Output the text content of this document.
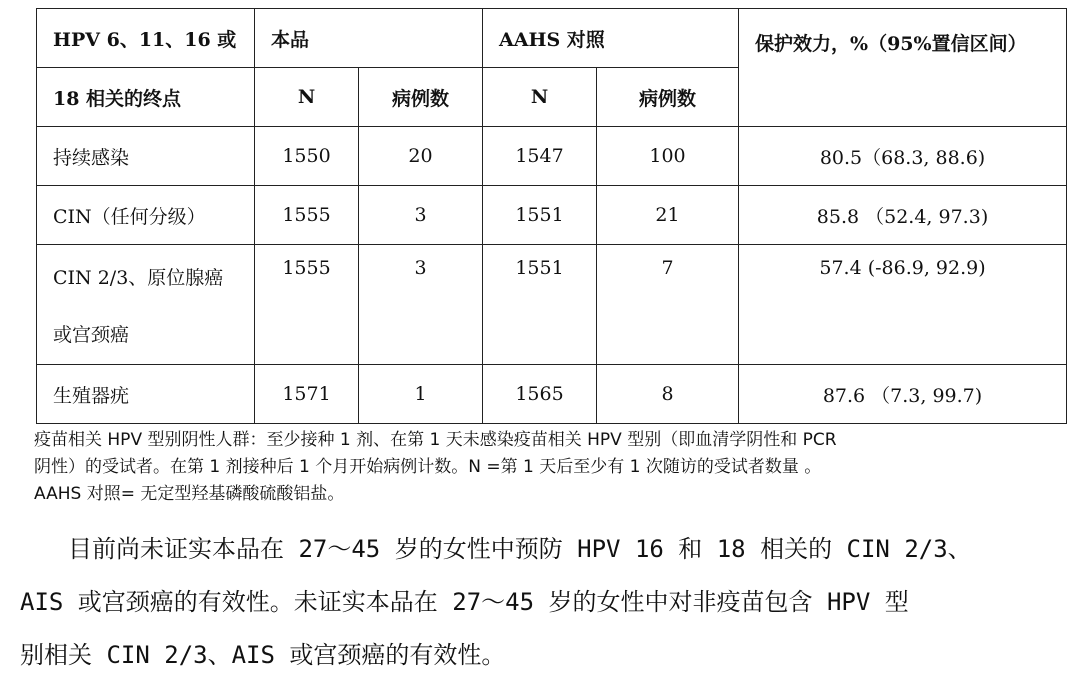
HPV 6、11、16 或	本品		AAHS 对照		保护效力，%（95%置信区间）
18 相关的终点	N	病例数	N	病例数	
持续感染	1550	20	1547	100	80.5（68.3, 88.6)
CIN（任何分级）	1555	3	1551	21	85.8 （52.4, 97.3)

CIN 2/3、原位腺癌
或宫颈癌	1555	3	1551	7	57.4 (-86.9, 92.9)
生殖器疣	1571	1	1565	8	87.6 （7.3, 99.7)
疫苗相关 HPV 型别阴性人群：至少接种 1 剂、在第 1 天未感染疫苗相关 HPV 型别（即血清学阴性和 PCR
阴性）的受试者。在第 1 剂接种后 1 个月开始病例计数。N =第 1 天后至少有 1 次随访的受试者数量 。
AAHS 对照= 无定型羟基磷酸硫酸铝盐。
目前尚未证实本品在 27～45 岁的女性中预防 HPV 16 和 18 相关的 CIN 2/3、
AIS 或宫颈癌的有效性。未证实本品在 27～45 岁的女性中对非疫苗包含 HPV 型
别相关 CIN 2/3、AIS 或宫颈癌的有效性。
